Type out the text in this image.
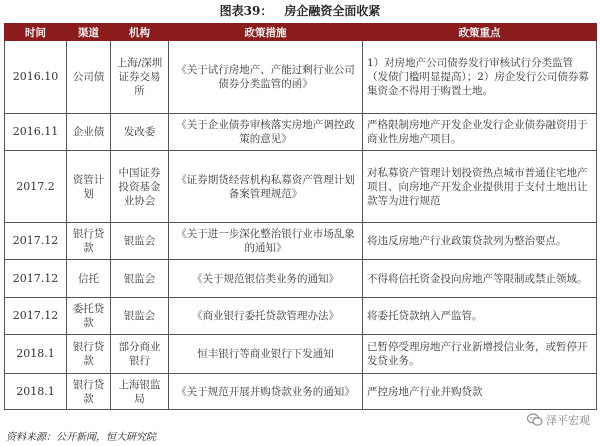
图表39： 房企融资全面收紧
时间	渠道	机构	政策措施	政策重点
2016.10	公司债	上海/深圳证券交易所	《关于试行房地产、产能过剩行业公司债券分类监管的函》	1）对房地产公司债券发行审核试行分类监管（发债门槛明显提高）；2）房企发行公司债券募集资金不得用于购置土地。
2016.11	企业债	发改委	《关于企业债券审核落实房地产调控政策的意见》	严格限制房地产开发企业发行企业债券融资用于商业性房地产项目。
2017.2	资管计划	中国证券投资基金业协会	《证券期货经营机构私募资产管理计划备案管理规范》	对私募资产管理计划投资热点城市普通住宅地产项目、向房地产开发企业提供用于支付土地出让款等为进行规范
2017.12	银行贷款	银监会	《关于进一步深化整治银行业市场乱象的通知》	将违反房地产行业政策贷款列为整治要点。
2017.12	信托	银监会	《关于规范银信类业务的通知》	不得将信托资金投向房地产等限制或禁止领域。
2017.12	委托贷款	银监会	《商业银行委托贷款管理办法》	将委托贷款纳入严监管。
2018.1	银行贷款	部分商业银行	恒丰银行等商业银行下发通知	已暂停受理房地产行业新增授信业务，或暂停开发贷业务。
2018.1	银行贷款	上海银监局	《关于规范开展并购贷款业务的通知》	严控房地产行业并购贷款
泽平宏观
资料来源：公开新闻，恒大研究院
